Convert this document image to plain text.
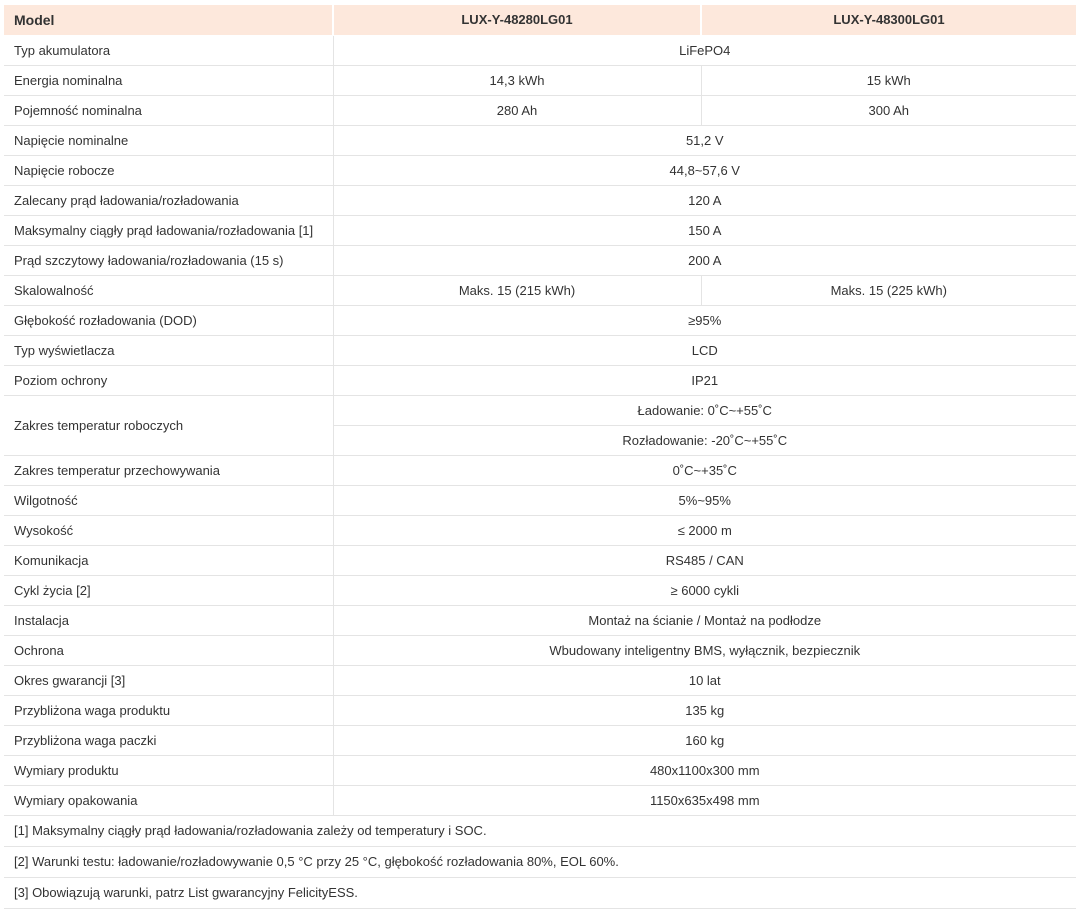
Model	LUX-Y-48280LG01	LUX-Y-48300LG01
Typ akumulatora	LiFePO4	
Energia nominalna	14,3 kWh	15 kWh
Pojemność nominalna	280 Ah	300 Ah
Napięcie nominalne	51,2 V	
Napięcie robocze	44,8~57,6 V	
Zalecany prąd ładowania/rozładowania	120 A	
Maksymalny ciągły prąd ładowania/rozładowania [1]	150 A	
Prąd szczytowy ładowania/rozładowania (15 s)	200 A	
Skalowalność	Maks. 15 (215 kWh)	Maks. 15 (225 kWh)
Głębokość rozładowania (DOD)	≥95%	
Typ wyświetlacza	LCD	
Poziom ochrony	IP21	
Zakres temperatur roboczych	Ładowanie: 0˚C~+55˚C	
	Rozładowanie: -20˚C~+55˚C	
Zakres temperatur przechowywania	0˚C~+35˚C	
Wilgotność	5%~95%	
Wysokość	≤ 2000 m	
Komunikacja	RS485 / CAN	
Cykl życia [2]	≥ 6000 cykli	
Instalacja	Montaż na ścianie / Montaż na podłodze	
Ochrona	Wbudowany inteligentny BMS, wyłącznik, bezpiecznik	
Okres gwarancji [3]	10 lat	
Przybliżona waga produktu	135 kg	
Przybliżona waga paczki	160 kg	
Wymiary produktu	480x1100x300 mm	
Wymiary opakowania	1150x635x498 mm	
[1] Maksymalny ciągły prąd ładowania/rozładowania zależy od temperatury i SOC.		
[2] Warunki testu: ładowanie/rozładowywanie 0,5 °C przy 25 °C, głębokość rozładowania 80%, EOL 60%.		
[3] Obowiązują warunki, patrz List gwarancyjny FelicityESS.		
